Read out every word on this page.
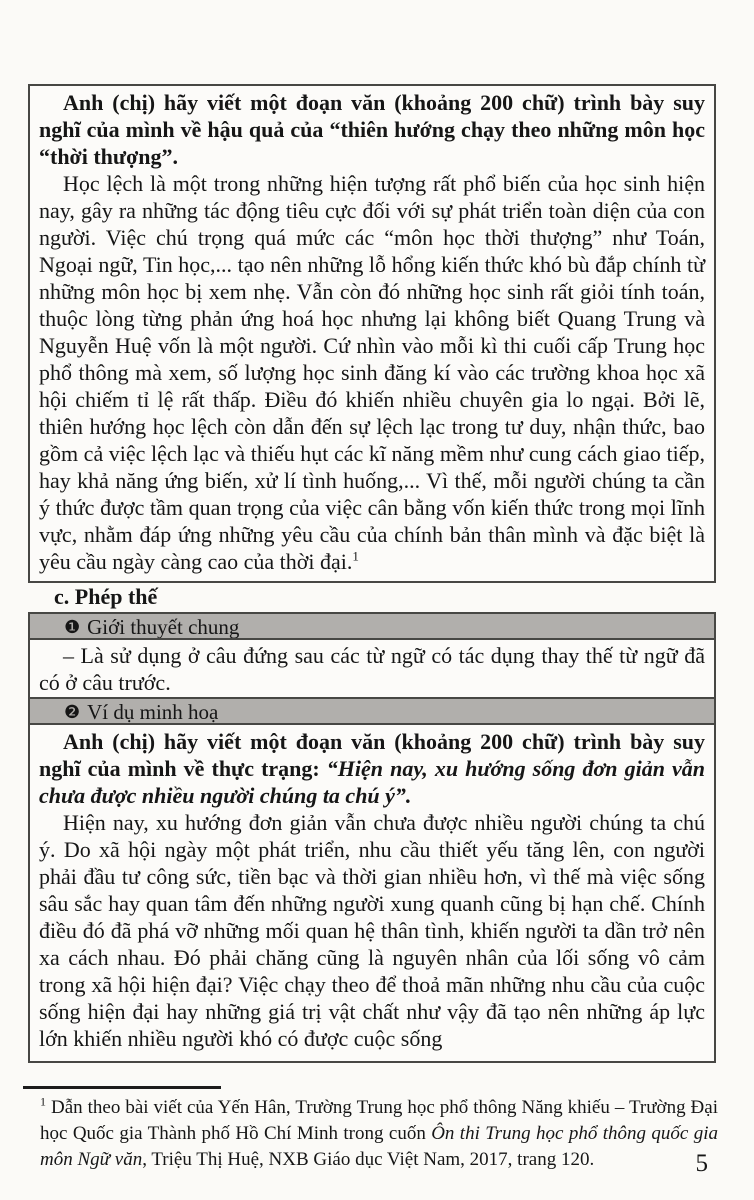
Anh (chị) hãy viết một đoạn văn (khoảng 200 chữ) trình bày suy nghĩ của mình về hậu quả của “thiên hướng chạy theo những môn học “thời thượng”.

Học lệch là một trong những hiện tượng rất phổ biến của học sinh hiện nay, gây ra những tác động tiêu cực đối với sự phát triển toàn diện của con người. Việc chú trọng quá mức các “môn học thời thượng” như Toán, Ngoại ngữ, Tin học,... tạo nên những lỗ hổng kiến thức khó bù đắp chính từ những môn học bị xem nhẹ. Vẫn còn đó những học sinh rất giỏi tính toán, thuộc lòng từng phản ứng hoá học nhưng lại không biết Quang Trung và Nguyễn Huệ vốn là một người. Cứ nhìn vào mỗi kì thi cuối cấp Trung học phổ thông mà xem, số lượng học sinh đăng kí vào các trường khoa học xã hội chiếm tỉ lệ rất thấp. Điều đó khiến nhiều chuyên gia lo ngại. Bởi lẽ, thiên hướng học lệch còn dẫn đến sự lệch lạc trong tư duy, nhận thức, bao gồm cả việc lệch lạc và thiếu hụt các kĩ năng mềm như cung cách giao tiếp, hay khả năng ứng biến, xử lí tình huống,... Vì thế, mỗi người chúng ta cần ý thức được tầm quan trọng của việc cân bằng vốn kiến thức trong mọi lĩnh vực, nhằm đáp ứng những yêu cầu của chính bản thân mình và đặc biệt là yêu cầu ngày càng cao của thời đại.$^1$

c. Phép thế
❶ Giới thuyết chung

– Là sử dụng ở câu đứng sau các từ ngữ có tác dụng thay thế từ ngữ đã có ở câu trước.

❷ Ví dụ minh hoạ

Anh (chị) hãy viết một đoạn văn (khoảng 200 chữ) trình bày suy nghĩ của mình về thực trạng: “Hiện nay, xu hướng sống đơn giản vẫn chưa được nhiều người chúng ta chú ý”.

Hiện nay, xu hướng đơn giản vẫn chưa được nhiều người chúng ta chú ý. Do xã hội ngày một phát triển, nhu cầu thiết yếu tăng lên, con người phải đầu tư công sức, tiền bạc và thời gian nhiều hơn, vì thế mà việc sống sâu sắc hay quan tâm đến những người xung quanh cũng bị hạn chế. Chính điều đó đã phá vỡ những mối quan hệ thân tình, khiến người ta dần trở nên xa cách nhau. Đó phải chăng cũng là nguyên nhân của lối sống vô cảm trong xã hội hiện đại? Việc chạy theo để thoả mãn những nhu cầu của cuộc sống hiện đại hay những giá trị vật chất như vậy đã tạo nên những áp lực lớn khiến nhiều người khó có được cuộc sống

$^1$ Dẫn theo bài viết của Yến Hân, Trường Trung học phổ thông Năng khiếu – Trường Đại học Quốc gia Thành phố Hồ Chí Minh trong cuốn Ôn thi Trung học phổ thông quốc gia môn Ngữ văn, Triệu Thị Huệ, NXB Giáo dục Việt Nam, 2017, trang 120.	5
